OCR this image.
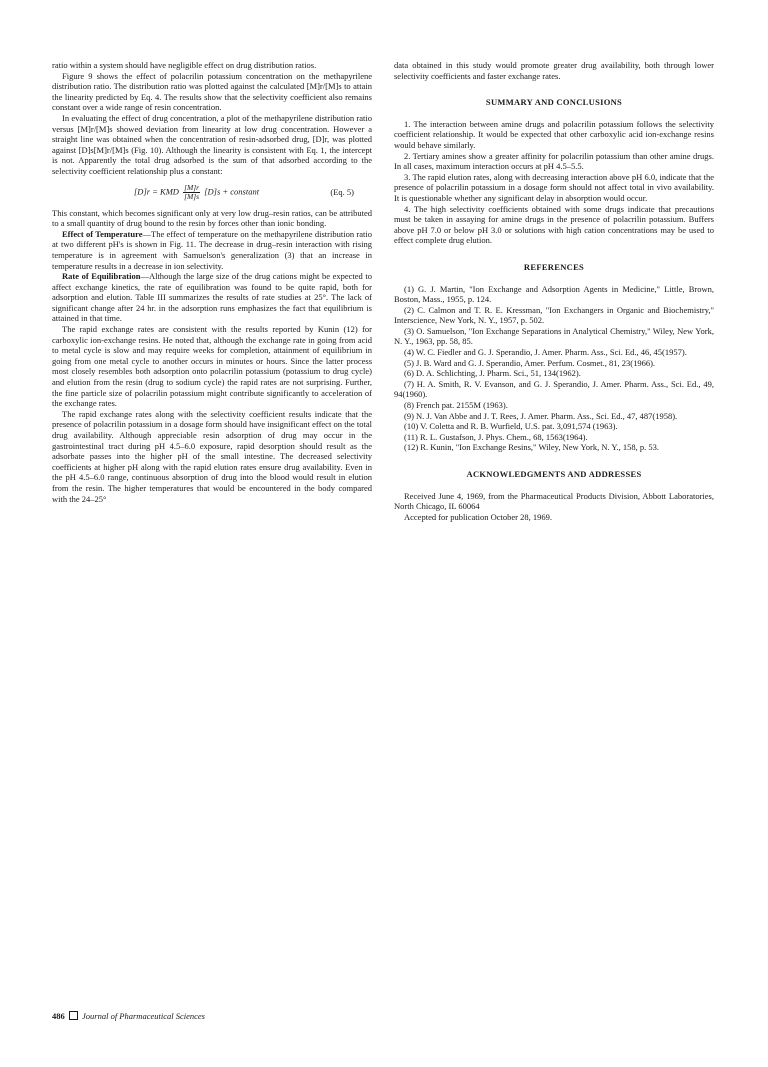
ratio within a system should have negligible effect on drug distribution ratios.

Figure 9 shows the effect of polacrilin potassium concentration on the methapyrilene distribution ratio. The distribution ratio was plotted against the calculated [M]r/[M]s to attain the linearity predicted by Eq. 4. The results show that the selectivity coefficient also remains constant over a wide range of resin concentration.

In evaluating the effect of drug concentration, a plot of the methapyrilene distribution ratio versus [M]r/[M]s showed deviation from linearity at low drug concentration. However a straight line was obtained when the concentration of resin-adsorbed drug, [D]r, was plotted against [D]s[M]r/[M]s (Fig. 10). Although the linearity is consistent with Eq. 1, the intercept is not. Apparently the total drug adsorbed is the sum of that adsorbed according to the selectivity coefficient relationship plus a constant:

[D]r = KMD $\frac{[M]r}{[M]s} [D]s$ + constant	(Eq. 5)

This constant, which becomes significant only at very low drug–resin ratios, can be attributed to a small quantity of drug bound to the resin by forces other than ionic bonding.

Effect of Temperature—The effect of temperature on the methapyrilene distribution ratio at two different pH's is shown in Fig. 11. The decrease in drug–resin interaction with rising temperature is in agreement with Samuelson's generalization (3) that an increase in temperature results in a decrease in ion selectivity.

Rate of Equilibration—Although the large size of the drug cations might be expected to affect exchange kinetics, the rate of equilibration was found to be quite rapid, both for adsorption and elution. Table III summarizes the results of rate studies at 25°. The lack of significant change after 24 hr. in the adsorption runs emphasizes the fact that equilibrium is attained in that time.

The rapid exchange rates are consistent with the results reported by Kunin (12) for carboxylic ion-exchange resins. He noted that, although the exchange rate in going from acid to metal cycle is slow and may require weeks for completion, attainment of equilibrium in going from one metal cycle to another occurs in minutes or hours. Since the latter process most closely resembles both adsorption onto polacrilin potassium (potassium to drug cycle) and elution from the resin (drug to sodium cycle) the rapid rates are not surprising. Further, the fine particle size of polacrilin potassium might contribute significantly to acceleration of the exchange rates.

The rapid exchange rates along with the selectivity coefficient results indicate that the presence of polacrilin potassium in a dosage form should have insignificant effect on the total drug availability. Although appreciable resin adsorption of drug may occur in the gastrointestinal tract during pH 4.5–6.0 exposure, rapid desorption should result as the adsorbate passes into the higher pH of the small intestine. The decreased selectivity coefficients at higher pH along with the rapid elution rates ensure drug availability. Even in the pH 4.5–6.0 range, continuous absorption of drug into the blood would result in elution from the resin. The higher temperatures that would be encountered in the body compared with the 24–25°

data obtained in this study would promote greater drug availability, both through lower selectivity coefficients and faster exchange rates.

SUMMARY AND CONCLUSIONS

1. The interaction between amine drugs and polacrilin potassium follows the selectivity coefficient relationship. It would be expected that other carboxylic acid ion-exchange resins would behave similarly.

2. Tertiary amines show a greater affinity for polacrilin potassium than other amine drugs. In all cases, maximum interaction occurs at pH 4.5–5.5.

3. The rapid elution rates, along with decreasing interaction above pH 6.0, indicate that the presence of polacrilin potassium in a dosage form should not affect total in vivo availability. It is questionable whether any significant delay in absorption would occur.

4. The high selectivity coefficients obtained with some drugs indicate that precautions must be taken in assaying for amine drugs in the presence of polacrilin potassium. Buffers above pH 7.0 or below pH 3.0 or solutions with high cation concentrations may be used to effect complete drug elution.

REFERENCES

(1) G. J. Martin, "Ion Exchange and Adsorption Agents in Medicine," Little, Brown, Boston, Mass., 1955, p. 124.

(2) C. Calmon and T. R. E. Kressman, "Ion Exchangers in Organic and Biochemistry," Interscience, New York, N. Y., 1957, p. 502.

(3) O. Samuelson, "Ion Exchange Separations in Analytical Chemistry," Wiley, New York, N. Y., 1963, pp. 58, 85.

(4) W. C. Fiedler and G. J. Sperandio, J. Amer. Pharm. Ass., Sci. Ed., 46, 45(1957).

(5) J. B. Ward and G. J. Sperandio, Amer. Perfum. Cosmet., 81, 23(1966).

(6) D. A. Schlichting, J. Pharm. Sci., 51, 134(1962).

(7) H. A. Smith, R. V. Evanson, and G. J. Sperandio, J. Amer. Pharm. Ass., Sci. Ed., 49, 94(1960).

(8) French pat. 2155M (1963).

(9) N. J. Van Abbe and J. T. Rees, J. Amer. Pharm. Ass., Sci. Ed., 47, 487(1958).

(10) V. Coletta and R. B. Wurfield, U.S. pat. 3,091,574 (1963).

(11) R. L. Gustafson, J. Phys. Chem., 68, 1563(1964).

(12) R. Kunin, "Ion Exchange Resins," Wiley, New York, N. Y., 158, p. 53.

ACKNOWLEDGMENTS AND ADDRESSES

Received June 4, 1969, from the Pharmaceutical Products Division, Abbott Laboratories, North Chicago, IL 60064

Accepted for publication October 28, 1969.

486 Journal of Pharmaceutical Sciences
